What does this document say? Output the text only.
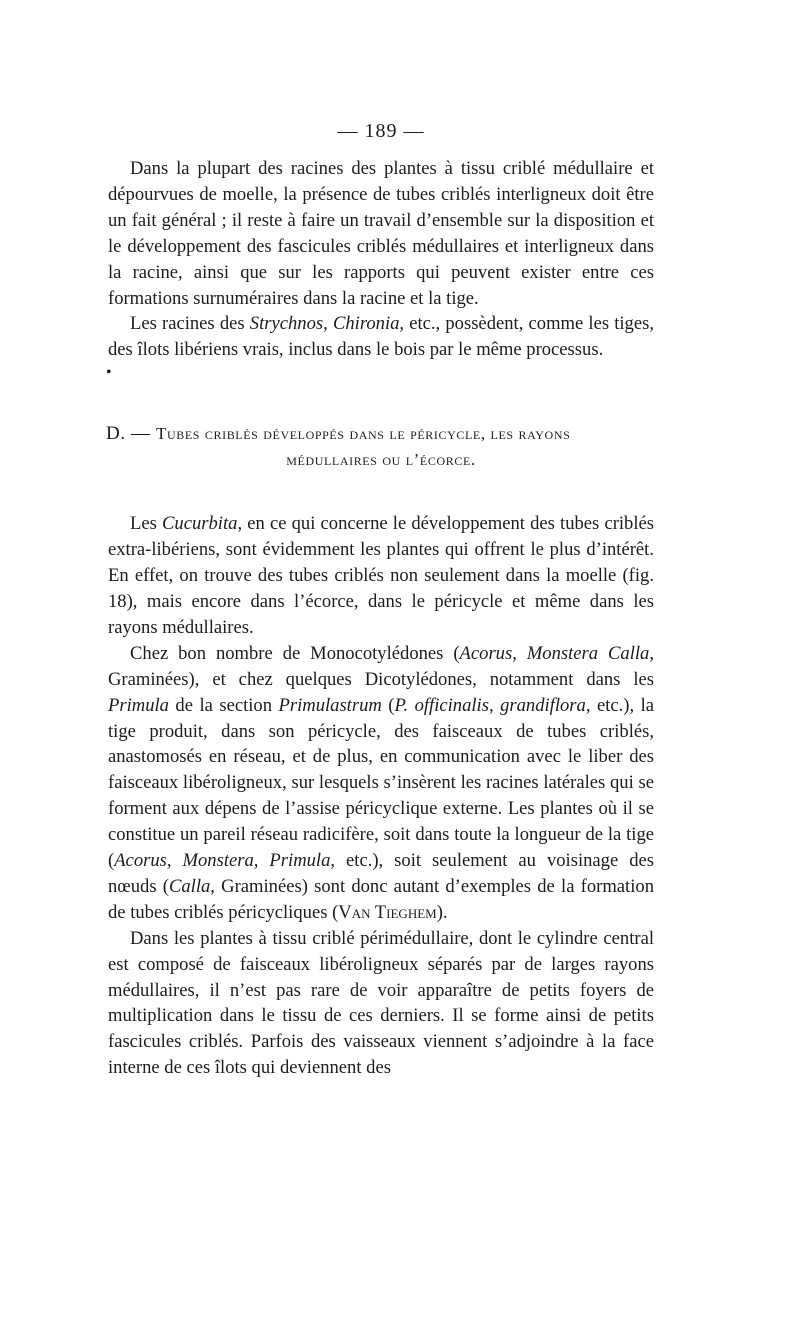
— 189 —

Dans la plupart des racines des plantes à tissu criblé médullaire et dépourvues de moelle, la présence de tubes criblés interligneux doit être un fait général ; il reste à faire un travail d’ensemble sur la disposition et le développement des fascicules criblés médullaires et interligneux dans la racine, ainsi que sur les rapports qui peuvent exister entre ces formations surnuméraires dans la racine et la tige.

Les racines des Strychnos, Chironia, etc., possèdent, comme les tiges, des îlots libériens vrais, inclus dans le bois par le même processus.

•
D. — Tubes criblés développés dans le péricycle, les rayons
médullaires ou l’écorce.

Les Cucurbita, en ce qui concerne le développement des tubes criblés extra-libériens, sont évidemment les plantes qui offrent le plus d’intérêt. En effet, on trouve des tubes criblés non seulement dans la moelle (fig. 18), mais encore dans l’écorce, dans le péricycle et même dans les rayons médullaires.

Chez bon nombre de Monocotylédones (Acorus, Monstera Calla, Graminées), et chez quelques Dicotylédones, notamment dans les Primula de la section Primulastrum (P. officinalis, grandiflora, etc.), la tige produit, dans son péricycle, des faisceaux de tubes criblés, anastomosés en réseau, et de plus, en communication avec le liber des faisceaux libéroligneux, sur lesquels s’insèrent les racines latérales qui se forment aux dépens de l’assise péricyclique externe. Les plantes où il se constitue un pareil réseau radicifère, soit dans toute la longueur de la tige (Acorus, Monstera, Primula, etc.), soit seulement au voisinage des nœuds (Calla, Graminées) sont donc autant d’exemples de la formation de tubes criblés péricycliques (Van Tieghem).

Dans les plantes à tissu criblé périmédullaire, dont le cylindre central est composé de faisceaux libéroligneux séparés par de larges rayons médullaires, il n’est pas rare de voir apparaître de petits foyers de multiplication dans le tissu de ces derniers. Il se forme ainsi de petits fascicules criblés. Parfois des vaisseaux viennent s’adjoindre à la face interne de ces îlots qui deviennent des
